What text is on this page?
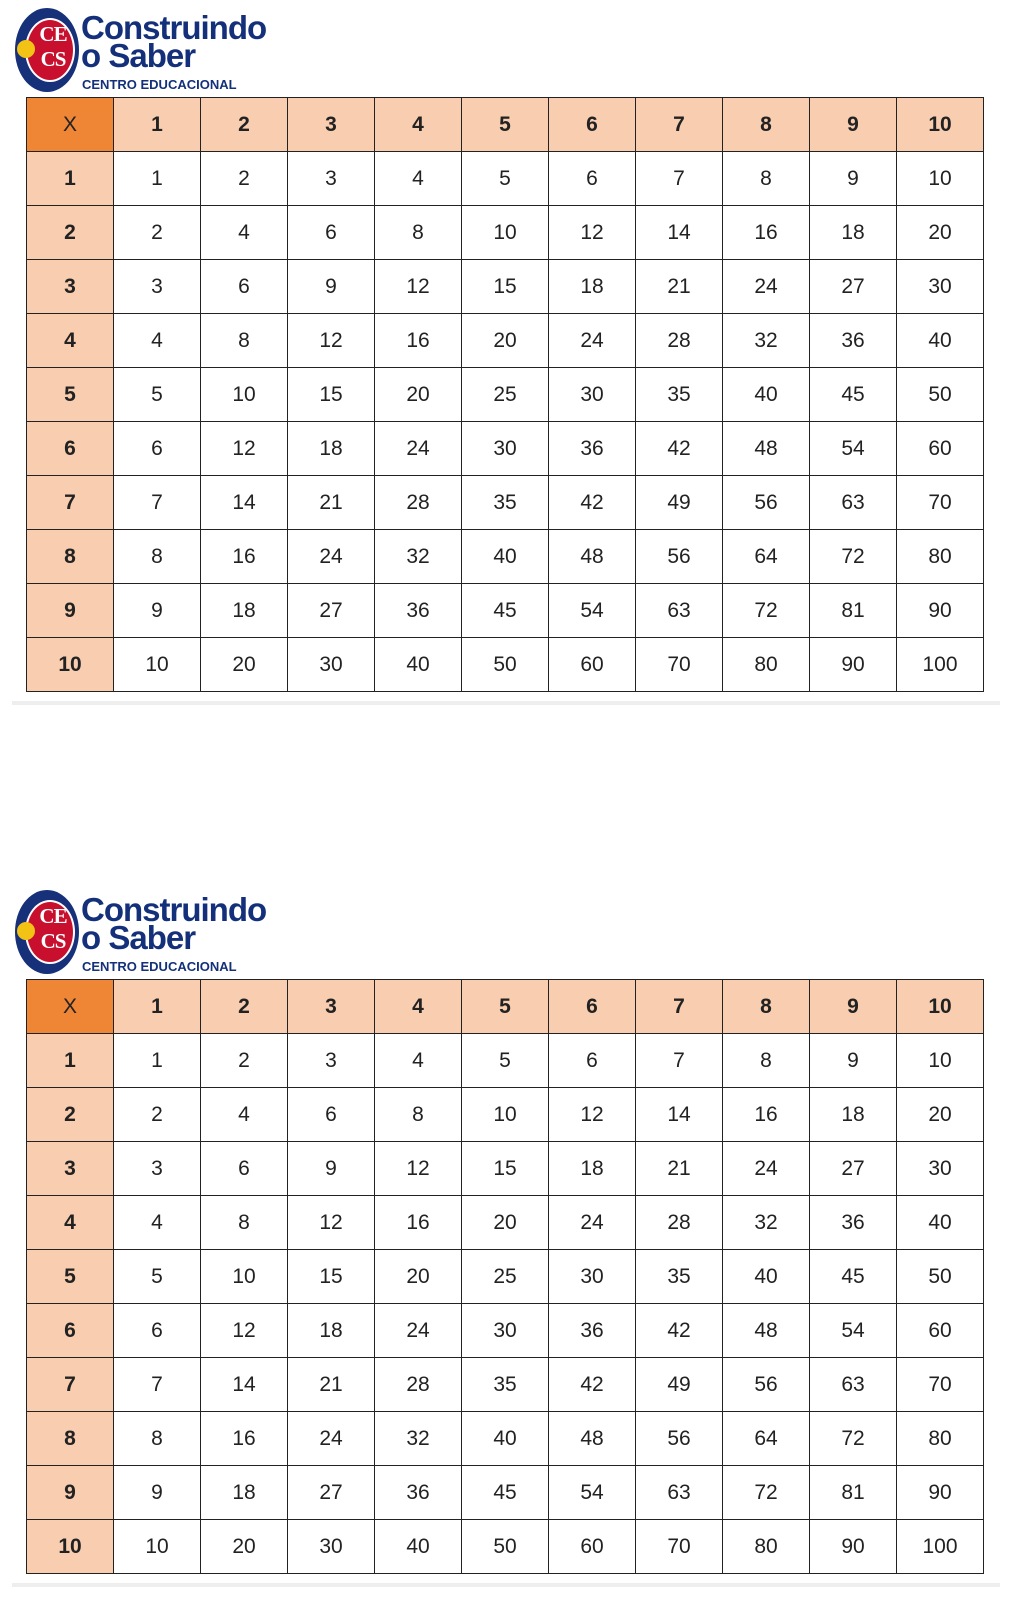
CE
CS
Construindo
o Saber
CENTRO EDUCACIONAL
X	1	2	3	4	5	6	7	8	9	10
1	1	2	3	4	5	6	7	8	9	10
2	2	4	6	8	10	12	14	16	18	20
3	3	6	9	12	15	18	21	24	27	30
4	4	8	12	16	20	24	28	32	36	40
5	5	10	15	20	25	30	35	40	45	50
6	6	12	18	24	30	36	42	48	54	60
7	7	14	21	28	35	42	49	56	63	70
8	8	16	24	32	40	48	56	64	72	80
9	9	18	27	36	45	54	63	72	81	90
10	10	20	30	40	50	60	70	80	90	100
CE
CS
Construindo
o Saber
CENTRO EDUCACIONAL
X	1	2	3	4	5	6	7	8	9	10
1	1	2	3	4	5	6	7	8	9	10
2	2	4	6	8	10	12	14	16	18	20
3	3	6	9	12	15	18	21	24	27	30
4	4	8	12	16	20	24	28	32	36	40
5	5	10	15	20	25	30	35	40	45	50
6	6	12	18	24	30	36	42	48	54	60
7	7	14	21	28	35	42	49	56	63	70
8	8	16	24	32	40	48	56	64	72	80
9	9	18	27	36	45	54	63	72	81	90
10	10	20	30	40	50	60	70	80	90	100
